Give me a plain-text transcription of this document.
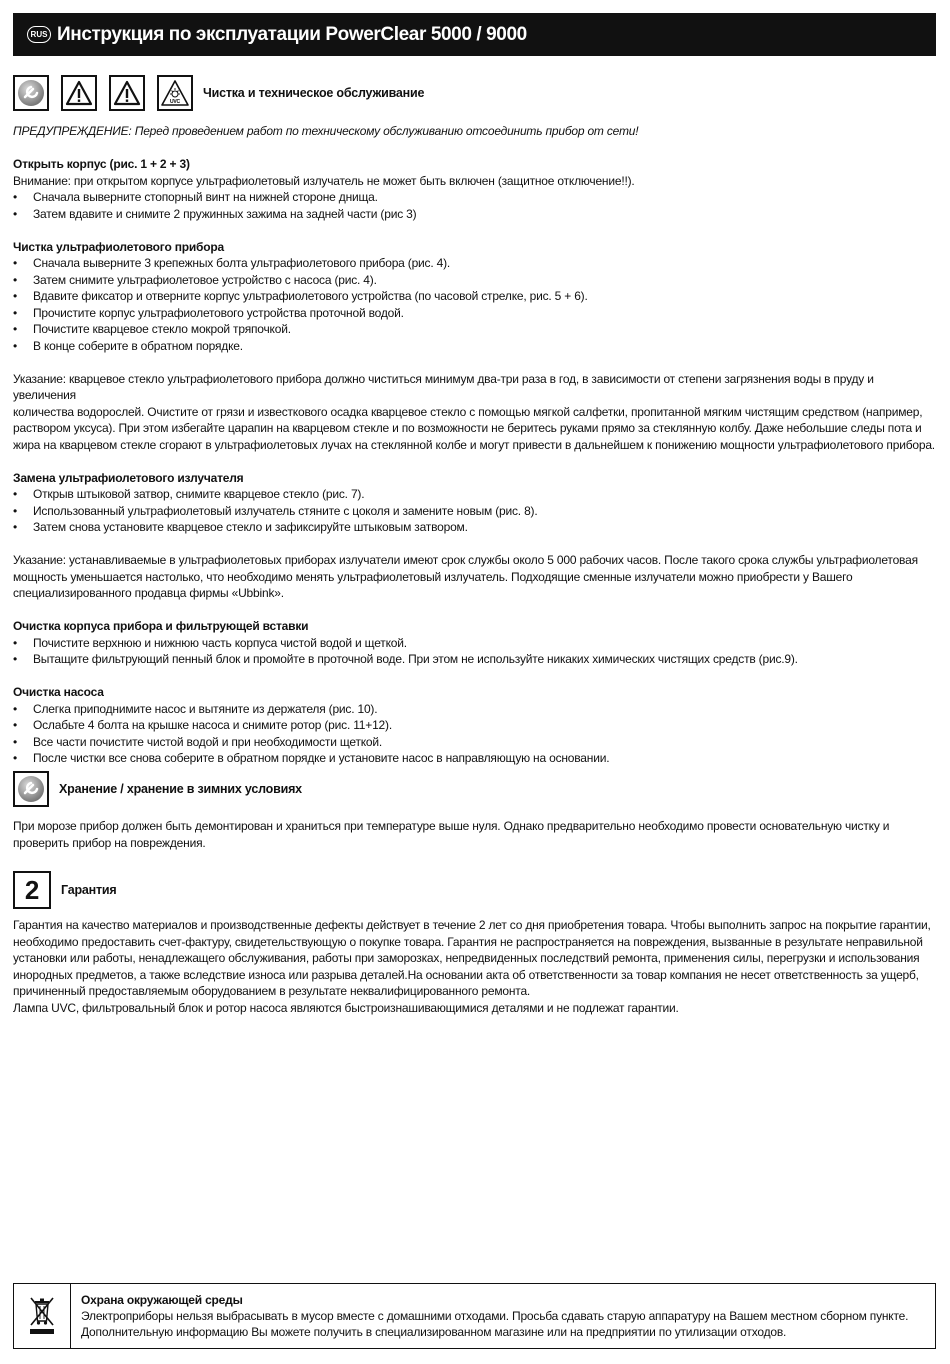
RUS Инструкция по эксплуатации PowerClear 5000 / 9000
UVC
Чистка и техническое обслуживание

ПРЕДУПРЕЖДЕНИЕ: Перед проведением работ по техническому обслуживанию отсоединить прибор от сети!

Открыть корпус (рис. 1 + 2 + 3)

Внимание: при открытом корпусе ультрафиолетовый излучатель не может быть включен (защитное отключение!!).

• Сначала выверните стопорный винт на нижней стороне днища.
• Затем вдавите и снимите 2 пружинных зажима на задней части (рис 3)

Чистка ультрафиолетового прибора

• Сначала выверните 3 крепежных болта ультрафиолетового прибора (рис. 4).
• Затем снимите ультрафиолетовое устройство с насоса (рис. 4).
• Вдавите фиксатор и отверните корпус ультрафиолетового устройства (по часовой стрелке, рис. 5 + 6).
• Прочистите корпус ультрафиолетового устройства проточной водой.
• Почистите кварцевое стекло мокрой тряпочкой.
• В конце соберите в обратном порядке.

Указание: кварцевое стекло ультрафиолетового прибора должно чиститься минимум два-три раза в год, в зависимости от степени загрязнения воды в пруду и увеличения

количества водорослей. Очистите от грязи и известкового осадка кварцевое стекло с помощью мягкой салфетки, пропитанной мягким чистящим средством (например,

раствором уксуса). При этом избегайте царапин на кварцевом стекле и по возможности не беритесь руками прямо за стеклянную колбу. Даже небольшие следы пота и

жира на кварцевом стекле сгорают в ультрафиолетовых лучах на стеклянной колбе и могут привести в дальнейшем к понижению мощности ультрафиолетового прибора.

Замена ультрафиолетового излучателя

• Открыв штыковой затвор, снимите кварцевое стекло (рис. 7).
• Использованный ультрафиолетовый излучатель стяните с цоколя и замените новым (рис. 8).
• Затем снова установите кварцевое стекло и зафиксируйте штыковым затвором.

Указание: устанавливаемые в ультрафиолетовых приборах излучатели имеют срок службы около 5 000 рабочих часов. После такого срока службы ультрафиолетовая

мощность уменьшается настолько, что необходимо менять ультрафиолетовый излучатель. Подходящие сменные излучатели можно приобрести у Вашего

специализированного продавца фирмы «Ubbink».

Очистка корпуса прибора и фильтрующей вставки

• Почистите верхнюю и нижнюю часть корпуса чистой водой и щеткой.
• Вытащите фильтрующий пенный блок и промойте в проточной воде. При этом не используйте никаких химических чистящих средств (рис.9).

Очистка насоса

• Слегка приподнимите насос и вытяните из держателя (рис. 10).
• Ослабьте 4 болта на крышке насоса и снимите ротор (рис. 11+12).
• Все части почистите чистой водой и при необходимости щеткой.
• После чистки все снова соберите в обратном порядке и установите насос в направляющую на основании.
Хранение / хранение в зимних условиях

При морозе прибор должен быть демонтирован и храниться при температуре выше нуля. Однако предварительно необходимо провести основательную чистку и

проверить прибор на повреждения.

2 Гарантия

Гарантия на качество материалов и производственные дефекты действует в течение 2 лет со дня приобретения товара. Чтобы выполнить запрос на покрытие гарантии,

необходимо предоставить счет-фактуру, свидетельствующую о покупке товара. Гарантия не распространяется на повреждения, вызванные в результате неправильной

установки или работы, ненадлежащего обслуживания, работы при заморозках, непредвиденных последствий ремонта, применения силы, перегрузки и использования

инородных предметов, а также вследствие износа или разрыва деталей.На основании акта об ответственности за товар компания не несет ответственность за ущерб,

причиненный предоставляемым оборудованием в результате неквалифицированного ремонта.

Лампа UVC, фильтровальный блок и ротор насоса являются быстроизнашивающимися деталями и не подлежат гарантии.

Охрана окружающей среды
Электроприборы нельзя выбрасывать в мусор вместе с домашними отходами. Просьба сдавать старую аппаратуру на Вашем местном сборном пункте.
Дополнительную информацию Вы можете получить в специализированном магазине или на предприятии по утилизации отходов.
